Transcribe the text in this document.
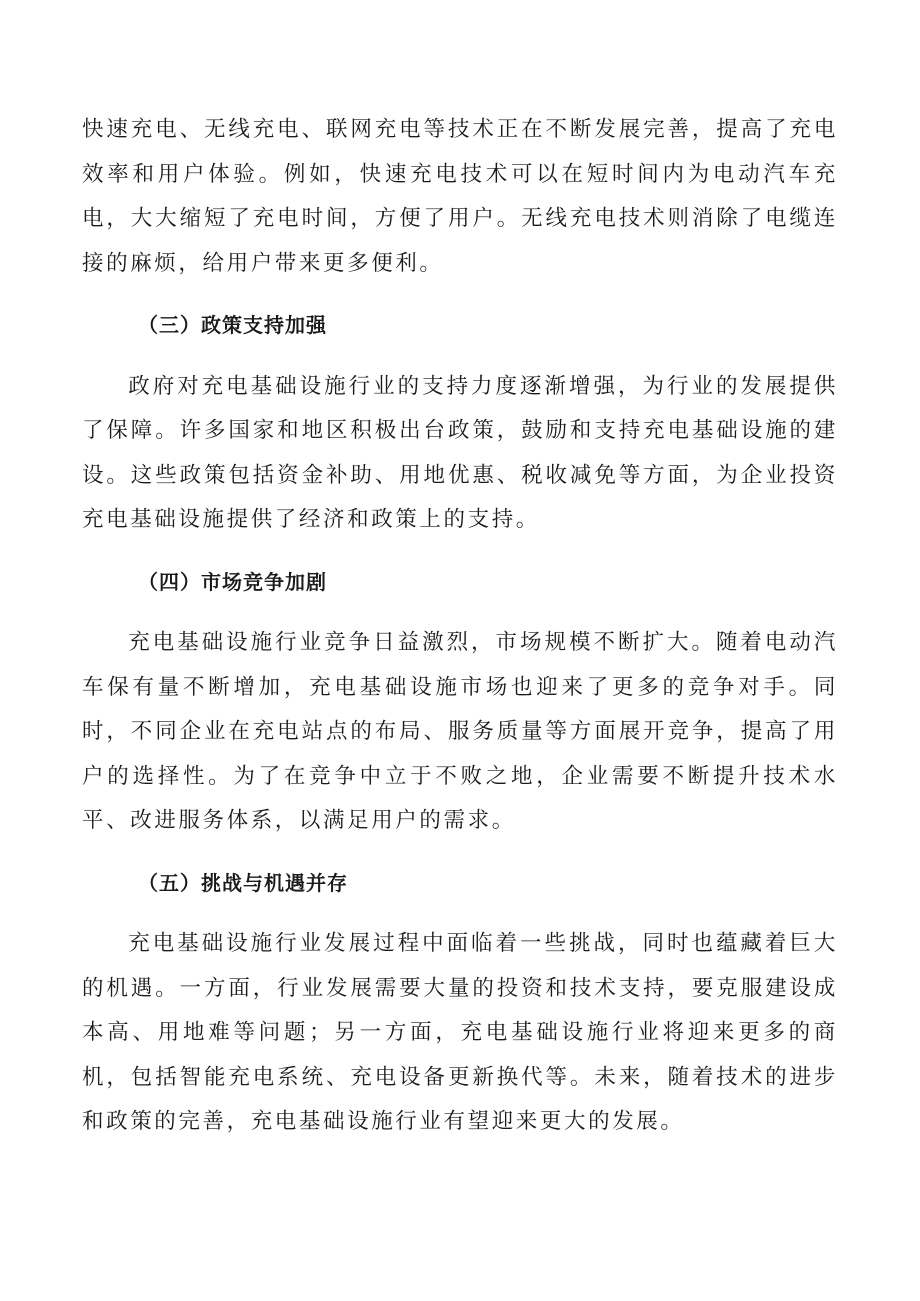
快速充电、无线充电、联网充电等技术正在不断发展完善，提高了充电效率和用户体验。例如，快速充电技术可以在短时间内为电动汽车充电，大大缩短了充电时间，方便了用户。无线充电技术则消除了电缆连接的麻烦，给用户带来更多便利。

（三）政策支持加强

政府对充电基础设施行业的支持力度逐渐增强，为行业的发展提供了保障。许多国家和地区积极出台政策，鼓励和支持充电基础设施的建设。这些政策包括资金补助、用地优惠、税收减免等方面，为企业投资充电基础设施提供了经济和政策上的支持。

（四）市场竞争加剧

充电基础设施行业竞争日益激烈，市场规模不断扩大。随着电动汽车保有量不断增加，充电基础设施市场也迎来了更多的竞争对手。同时，不同企业在充电站点的布局、服务质量等方面展开竞争，提高了用户的选择性。为了在竞争中立于不败之地，企业需要不断提升技术水平、改进服务体系，以满足用户的需求。

（五）挑战与机遇并存

充电基础设施行业发展过程中面临着一些挑战，同时也蕴藏着巨大的机遇。一方面，行业发展需要大量的投资和技术支持，要克服建设成本高、用地难等问题；另一方面，充电基础设施行业将迎来更多的商机，包括智能充电系统、充电设备更新换代等。未来，随着技术的进步和政策的完善，充电基础设施行业有望迎来更大的发展。
